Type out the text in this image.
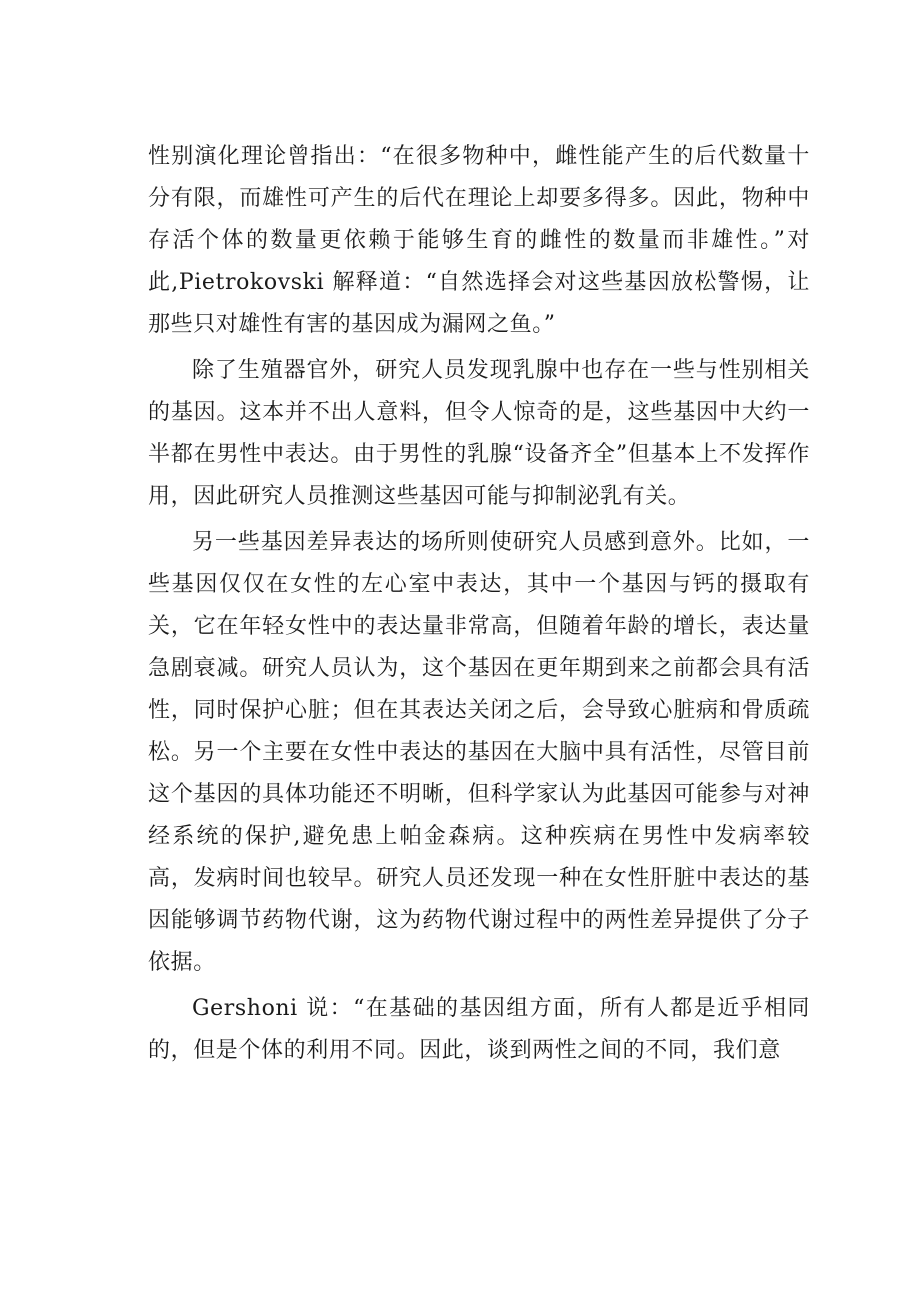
性别演化理论曾指出：“在很多物种中，雌性能产生的后代数量十分有限，而雄性可产生的后代在理论上却要多得多。因此，物种中存活个体的数量更依赖于能够生育的雌性的数量而非雄性。”对此,Pietrokovski 解释道：“自然选择会对这些基因放松警惕，让那些只对雄性有害的基因成为漏网之鱼。”

除了生殖器官外，研究人员发现乳腺中也存在一些与性别相关的基因。这本并不出人意料，但令人惊奇的是，这些基因中大约一半都在男性中表达。由于男性的乳腺“设备齐全”但基本上不发挥作用，因此研究人员推测这些基因可能与抑制泌乳有关。

另一些基因差异表达的场所则使研究人员感到意外。比如，一些基因仅仅在女性的左心室中表达，其中一个基因与钙的摄取有关，它在年轻女性中的表达量非常高，但随着年龄的增长，表达量急剧衰减。研究人员认为，这个基因在更年期到来之前都会具有活性，同时保护心脏；但在其表达关闭之后，会导致心脏病和骨质疏松。另一个主要在女性中表达的基因在大脑中具有活性，尽管目前这个基因的具体功能还不明晰，但科学家认为此基因可能参与对神经系统的保护,避免患上帕金森病。这种疾病在男性中发病率较高，发病时间也较早。研究人员还发现一种在女性肝脏中表达的基因能够调节药物代谢，这为药物代谢过程中的两性差异提供了分子依据。

Gershoni 说：“在基础的基因组方面，所有人都是近乎相同的，但是个体的利用不同。因此，谈到两性之间的不同，我们意
